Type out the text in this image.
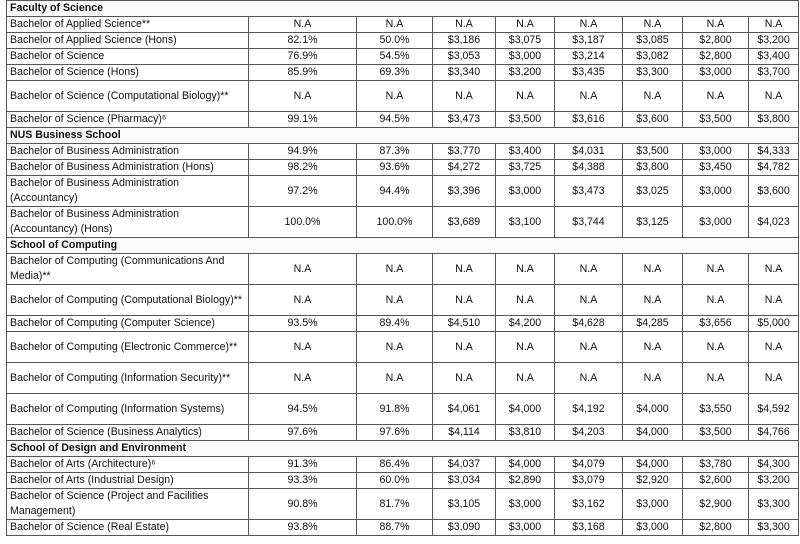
Faculty of Science								
Bachelor of Applied Science**	N.A	N.A	N.A	N.A	N.A	N.A	N.A	N.A
Bachelor of Applied Science (Hons)	82.1%	50.0%	$3,186	$3,075	$3,187	$3,085	$2,800	$3,200
Bachelor of Science	76.9%	54.5%	$3,053	$3,000	$3,214	$3,082	$2,800	$3,400
Bachelor of Science (Hons)	85.9%	69.3%	$3,340	$3,200	$3,435	$3,300	$3,000	$3,700
Bachelor of Science (Computational Biology)**	N.A	N.A	N.A	N.A	N.A	N.A	N.A	N.A
Bachelor of Science (Pharmacy)⁶	99.1%	94.5%	$3,473	$3,500	$3,616	$3,600	$3,500	$3,800
NUS Business School								
Bachelor of Business Administration	94.9%	87.3%	$3,770	$3,400	$4,031	$3,500	$3,000	$4,333
Bachelor of Business Administration (Hons)	98.2%	93.6%	$4,272	$3,725	$4,388	$3,800	$3,450	$4,782
Bachelor of Business Administration (Accountancy)	97.2%	94.4%	$3,396	$3,000	$3,473	$3,025	$3,000	$3,600
Bachelor of Business Administration (Accountancy) (Hons)	100.0%	100.0%	$3,689	$3,100	$3,744	$3,125	$3,000	$4,023
School of Computing								
Bachelor of Computing (Communications And Media)**	N.A	N.A	N.A	N.A	N.A	N.A	N.A	N.A
Bachelor of Computing (Computational Biology)**	N.A	N.A	N.A	N.A	N.A	N.A	N.A	N.A
Bachelor of Computing (Computer Science)	93.5%	89.4%	$4,510	$4,200	$4,628	$4,285	$3,656	$5,000
Bachelor of Computing (Electronic Commerce)**	N.A	N.A	N.A	N.A	N.A	N.A	N.A	N.A
Bachelor of Computing (Information Security)**	N.A	N.A	N.A	N.A	N.A	N.A	N.A	N.A
Bachelor of Computing (Information Systems)	94.5%	91.8%	$4,061	$4,000	$4,192	$4,000	$3,550	$4,592
Bachelor of Science (Business Analytics)	97.6%	97.6%	$4,114	$3,810	$4,203	$4,000	$3,500	$4,766
School of Design and Environment								
Bachelor of Arts (Architecture)⁶	91.3%	86.4%	$4,037	$4,000	$4,079	$4,000	$3,780	$4,300
Bachelor of Arts (Industrial Design)	93.3%	60.0%	$3,034	$2,890	$3,079	$2,920	$2,600	$3,200
Bachelor of Science (Project and Facilities Management)	90.8%	81.7%	$3,105	$3,000	$3,162	$3,000	$2,900	$3,300
Bachelor of Science (Real Estate)	93.8%	88.7%	$3,090	$3,000	$3,168	$3,000	$2,800	$3,300
